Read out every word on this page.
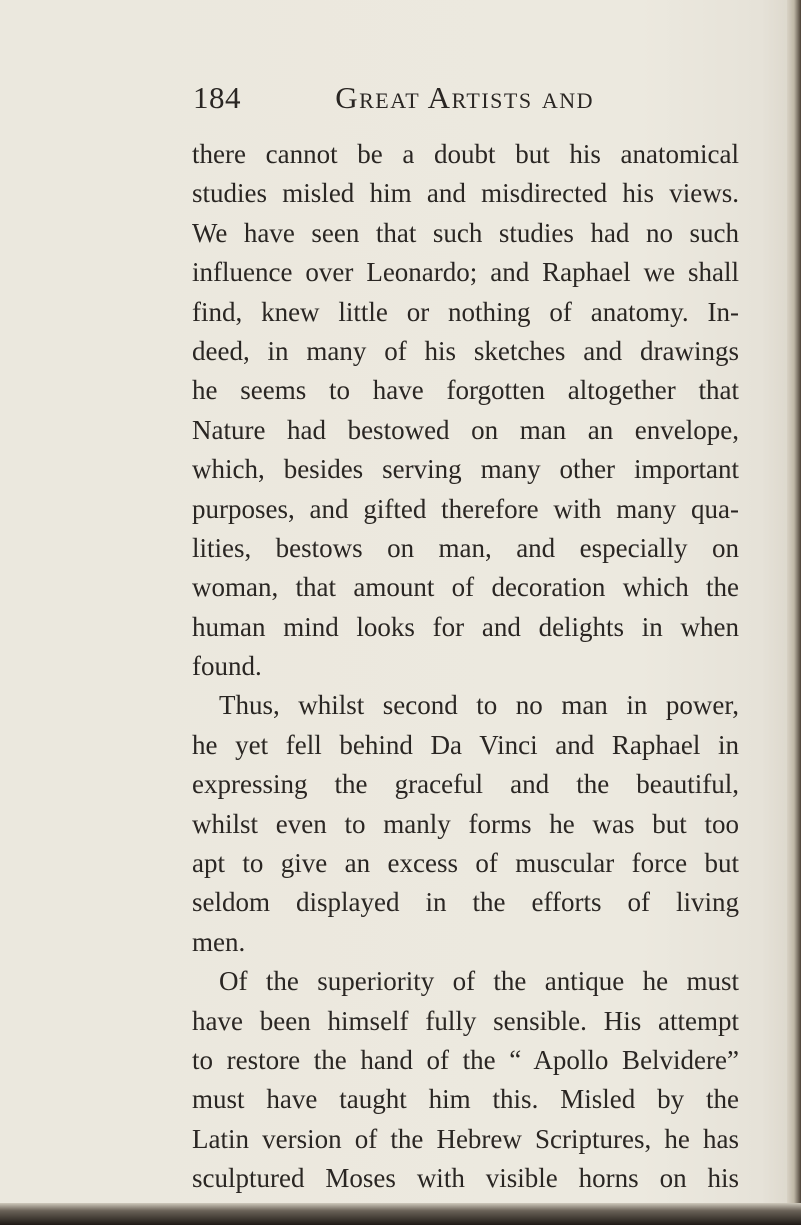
184	Great Artists and
there cannot be a doubt but his anatomical
studies misled him and misdirected his views.
We have seen that such studies had no such
influence over Leonardo; and Raphael we shall
find, knew little or nothing of anatomy. In-
deed, in many of his sketches and drawings
he seems to have forgotten altogether that
Nature had bestowed on man an envelope,
which, besides serving many other important
purposes, and gifted therefore with many qua-
lities, bestows on man, and especially on
woman, that amount of decoration which the
human mind looks for and delights in when
found.
Thus, whilst second to no man in power,
he yet fell behind Da Vinci and Raphael in
expressing the graceful and the beautiful,
whilst even to manly forms he was but too
apt to give an excess of muscular force but
seldom displayed in the efforts of living
men.
Of the superiority of the antique he must
have been himself fully sensible. His attempt
to restore the hand of the “ Apollo Belvidere”
must have taught him this. Misled by the
Latin version of the Hebrew Scriptures, he has
sculptured Moses with visible horns on his
